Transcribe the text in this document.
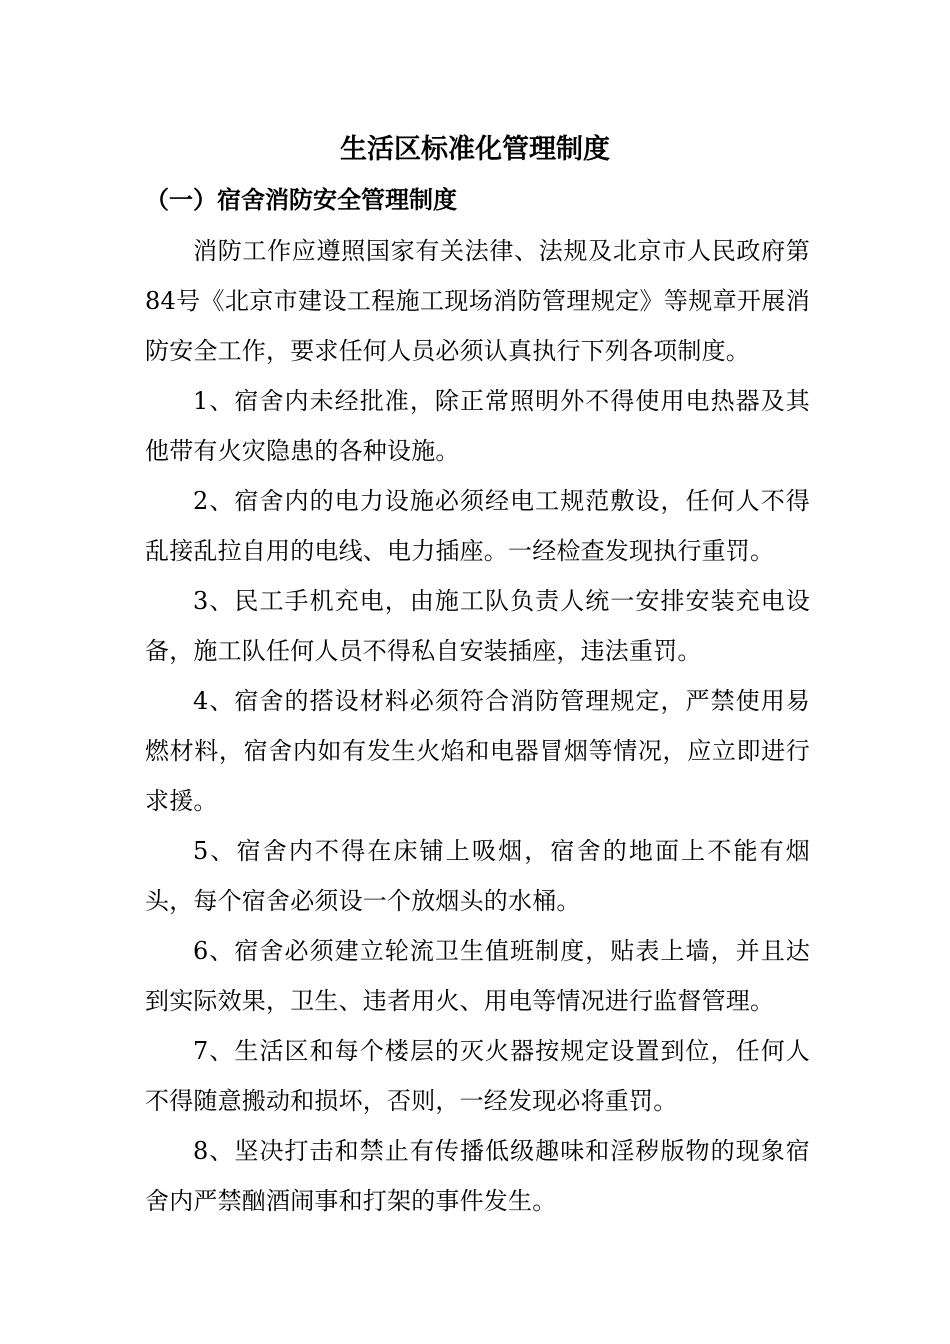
生活区标准化管理制度
（一）宿舍消防安全管理制度

消防工作应遵照国家有关法律、法规及北京市人民政府第84号《北京市建设工程施工现场消防管理规定》等规章开展消防安全工作，要求任何人员必须认真执行下列各项制度。

1、宿舍内未经批准，除正常照明外不得使用电热器及其他带有火灾隐患的各种设施。

2、宿舍内的电力设施必须经电工规范敷设，任何人不得乱接乱拉自用的电线、电力插座。一经检查发现执行重罚。

3、民工手机充电，由施工队负责人统一安排安装充电设备，施工队任何人员不得私自安装插座，违法重罚。

4、宿舍的搭设材料必须符合消防管理规定，严禁使用易燃材料，宿舍内如有发生火焰和电器冒烟等情况，应立即进行求援。

5、宿舍内不得在床铺上吸烟，宿舍的地面上不能有烟头，每个宿舍必须设一个放烟头的水桶。

6、宿舍必须建立轮流卫生值班制度，贴表上墙，并且达到实际效果，卫生、违者用火、用电等情况进行监督管理。

7、生活区和每个楼层的灭火器按规定设置到位，任何人不得随意搬动和损坏，否则，一经发现必将重罚。

8、坚决打击和禁止有传播低级趣味和淫秽版物的现象宿舍内严禁酗酒闹事和打架的事件发生。
